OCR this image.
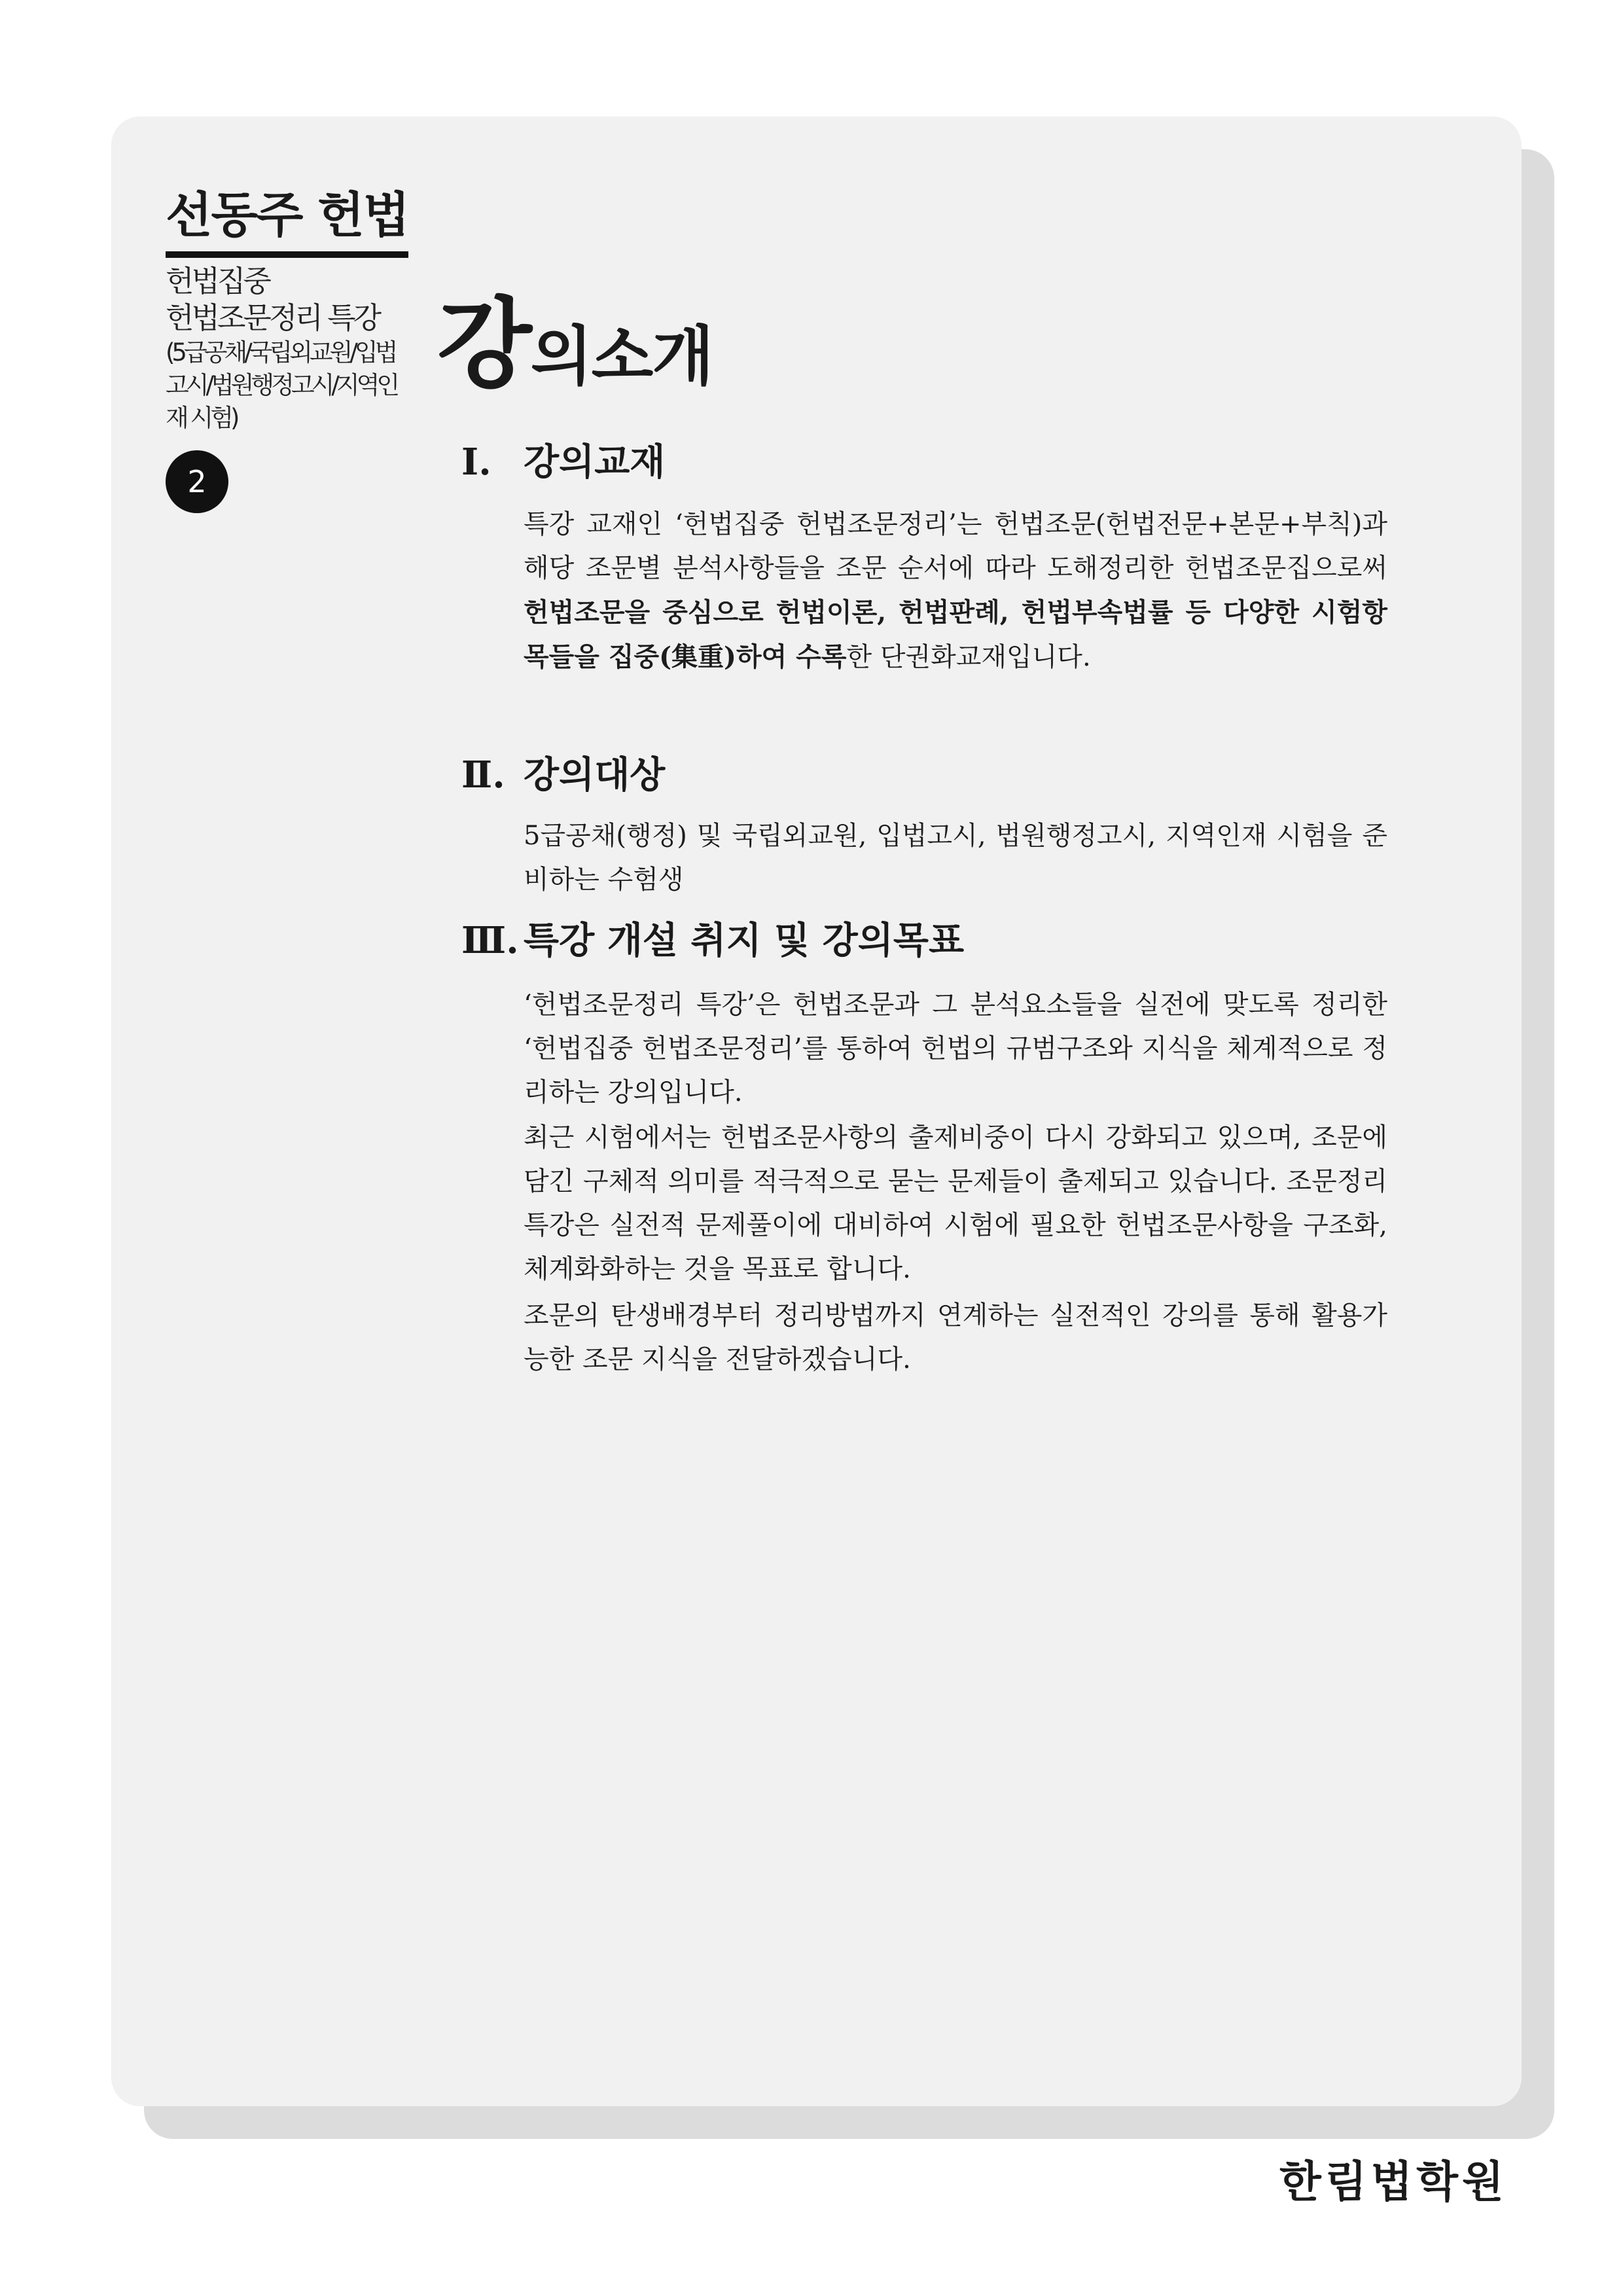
선동주 헌법
헌법집중
헌법조문정리 특강
(5급공채/국립외교원/입법
고시/법원행정고시/지역인
재 시험)
2
강의소개
Ⅰ. 강의교재
특강 교재인 ‘헌법집중 헌법조문정리’는 헌법조문(헌법전문+본문+부칙)과 해당 조문별 분석사항들을 조문 순서에 따라 도해정리한 헌법조문집으로써 헌법조문을 중심으로 헌법이론, 헌법판례, 헌법부속법률 등 다양한 시험항목들을 집중(集重)하여 수록한 단권화교재입니다.
Ⅱ. 강의대상
5급공채(행정) 및 국립외교원, 입법고시, 법원행정고시, 지역인재 시험을 준비하는 수험생
Ⅲ. 특강 개설 취지 및 강의목표
‘헌법조문정리 특강’은 헌법조문과 그 분석요소들을 실전에 맞도록 정리한 ‘헌법집중 헌법조문정리’를 통하여 헌법의 규범구조와 지식을 체계적으로 정리하는 강의입니다.
최근 시험에서는 헌법조문사항의 출제비중이 다시 강화되고 있으며, 조문에 담긴 구체적 의미를 적극적으로 묻는 문제들이 출제되고 있습니다. 조문정리 특강은 실전적 문제풀이에 대비하여 시험에 필요한 헌법조문사항을 구조화, 체계화화하는 것을 목표로 합니다.
조문의 탄생배경부터 정리방법까지 연계하는 실전적인 강의를 통해 활용가능한 조문 지식을 전달하겠습니다.
한림법학원
